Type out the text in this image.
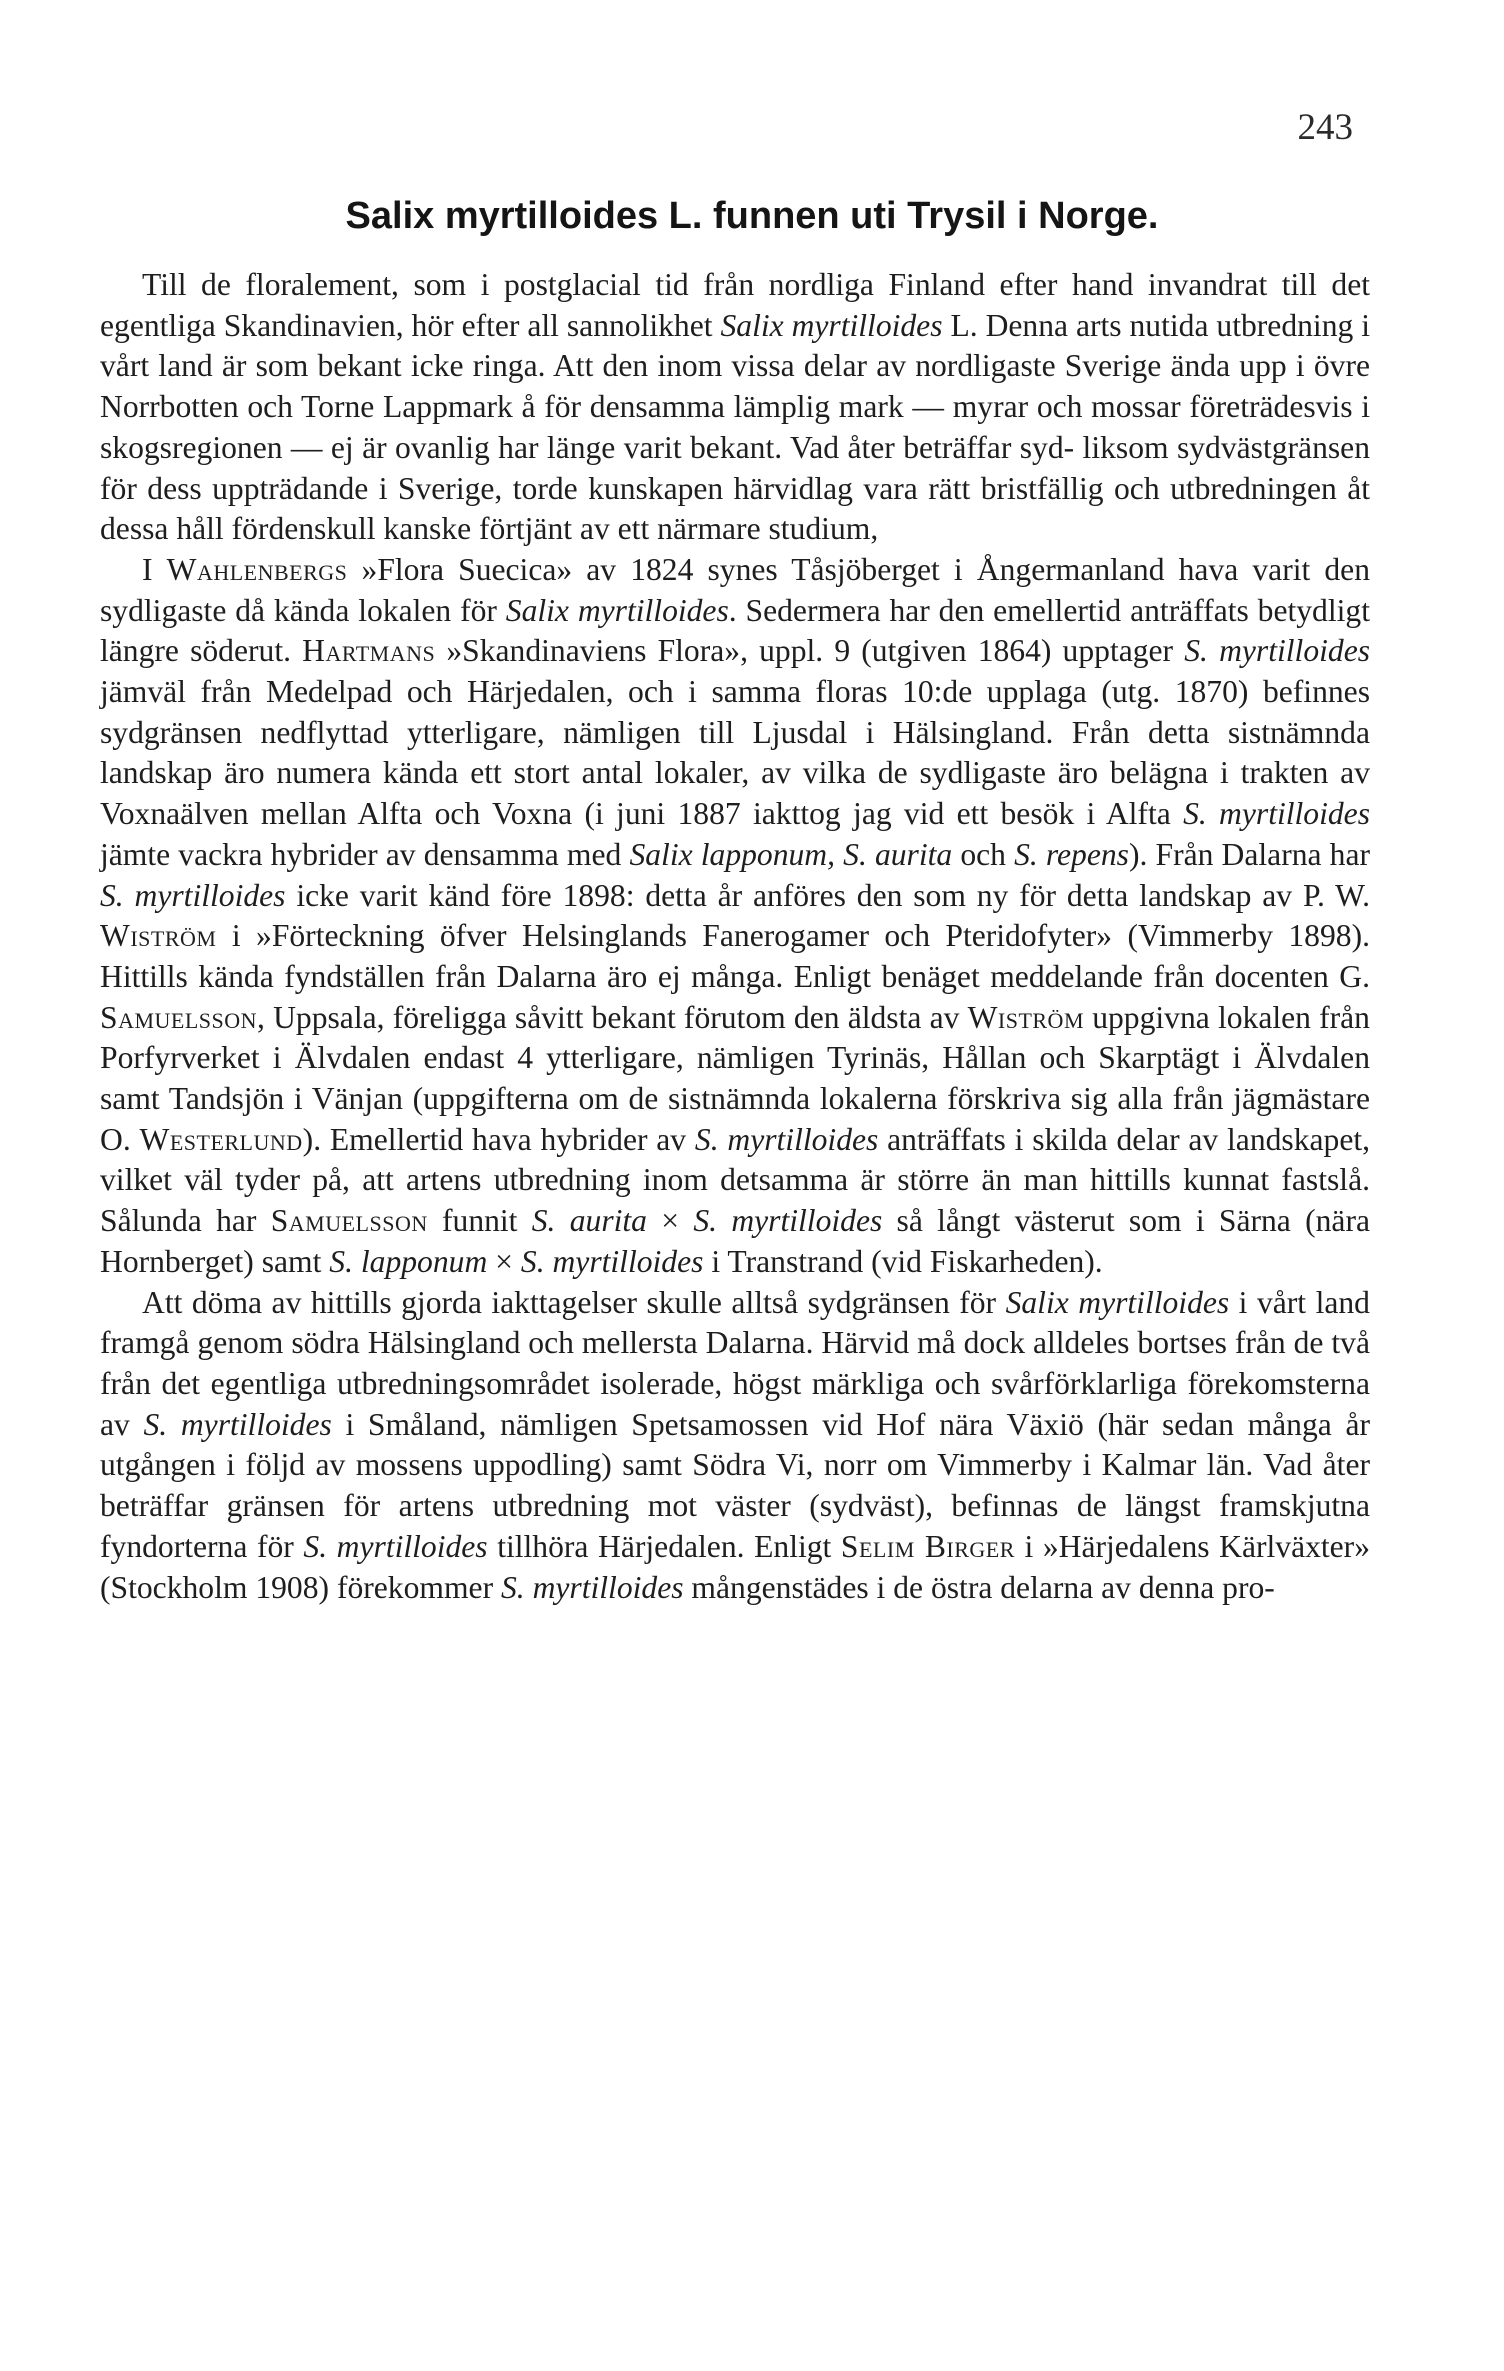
243
Salix myrtilloides L. funnen uti Trysil i Norge.

Till de floralement, som i postglacial tid från nordliga Finland efter hand invandrat till det egentliga Skandinavien, hör efter all sannolikhet Salix myrtilloides L. Denna arts nutida utbredning i vårt land är som bekant icke ringa. Att den inom vissa delar av nordligaste Sverige ända upp i övre Norrbotten och Torne Lappmark å för densamma lämplig mark — myrar och mossar företrädesvis i skogsregionen — ej är ovanlig har länge varit bekant. Vad åter beträffar syd- liksom sydvästgränsen för dess uppträdande i Sverige, torde kunskapen härvidlag vara rätt bristfällig och utbredningen åt dessa håll fördenskull kanske förtjänt av ett närmare studium,

I Wahlenbergs »Flora Suecica» av 1824 synes Tåsjöberget i Ångermanland hava varit den sydligaste då kända lokalen för Salix myrtilloides. Sedermera har den emellertid anträffats betydligt längre söderut. Hartmans »Skandinaviens Flora», uppl. 9 (utgiven 1864) upptager S. myrtilloides jämväl från Medelpad och Härjedalen, och i samma floras 10:de upplaga (utg. 1870) befinnes sydgränsen nedflyttad ytterligare, nämligen till Ljusdal i Hälsingland. Från detta sistnämnda landskap äro numera kända ett stort antal lokaler, av vilka de sydligaste äro belägna i trakten av Voxnaälven mellan Alfta och Voxna (i juni 1887 iakttog jag vid ett besök i Alfta S. myrtilloides jämte vackra hybrider av densamma med Salix lapponum, S. aurita och S. repens). Från Dalarna har S. myrtilloides icke varit känd före 1898: detta år anföres den som ny för detta landskap av P. W. Wiström i »Förteckning öfver Helsinglands Fanerogamer och Pteridofyter» (Vimmerby 1898). Hittills kända fyndställen från Dalarna äro ej många. Enligt benäget meddelande från docenten G. Samuelsson, Uppsala, föreligga såvitt bekant förutom den äldsta av Wiström uppgivna lokalen från Porfyrverket i Älvdalen endast 4 ytterligare, nämligen Tyrinäs, Hållan och Skarptägt i Älvdalen samt Tandsjön i Vänjan (uppgifterna om de sistnämnda lokalerna förskriva sig alla från jägmästare O. Westerlund). Emellertid hava hybrider av S. myrtilloides anträffats i skilda delar av landskapet, vilket väl tyder på, att artens utbredning inom detsamma är större än man hittills kunnat fastslå. Sålunda har Samuelsson funnit S. aurita × S. myrtilloides så långt västerut som i Särna (nära Hornberget) samt S. lapponum × S. myrtilloides i Transtrand (vid Fiskarheden).

Att döma av hittills gjorda iakttagelser skulle alltså sydgränsen för Salix myrtilloides i vårt land framgå genom södra Hälsingland och mellersta Dalarna. Härvid må dock alldeles bortses från de två från det egentliga utbredningsområdet isolerade, högst märkliga och svårförklarliga förekomsterna av S. myrtilloides i Småland, nämligen Spetsamossen vid Hof nära Växiö (här sedan många år utgången i följd av mossens uppodling) samt Södra Vi, norr om Vimmerby i Kalmar län. Vad åter beträffar gränsen för artens utbredning mot väster (sydväst), befinnas de längst framskjutna fyndorterna för S. myrtilloides tillhöra Härjedalen. Enligt Selim Birger i »Härjedalens Kärlväxter» (Stockholm 1908) förekommer S. myrtilloides mångenstädes i de östra delarna av denna pro-
